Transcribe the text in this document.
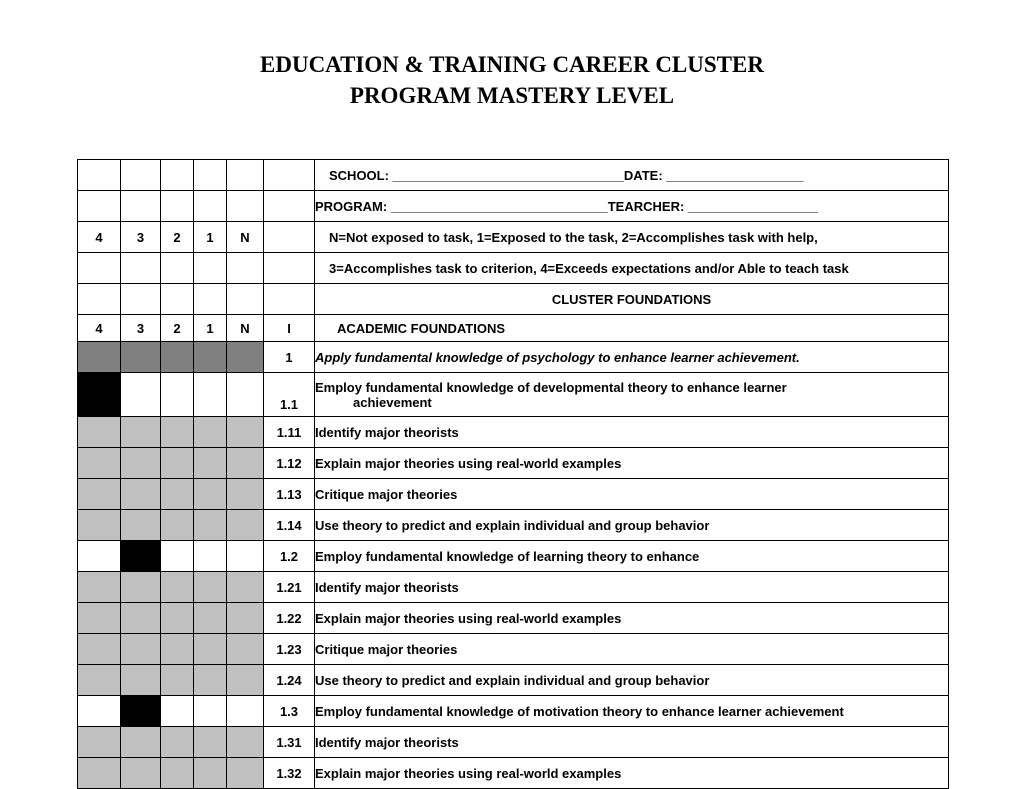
EDUCATION & TRAINING CAREER CLUSTER
PROGRAM MASTERY LEVEL
						SCHOOL: ________________________________DATE: ___________________
						PROGRAM: ______________________________TEARCHER: __________________
4	3	2	1	N		N=Not exposed to task, 1=Exposed to the task, 2=Accomplishes task with help,
						3=Accomplishes task to criterion, 4=Exceeds expectations and/or Able to teach task
						CLUSTER FOUNDATIONS
4	3	2	1	N	I	ACADEMIC FOUNDATIONS
					1	Apply fundamental knowledge of psychology to enhance learner achievement.
					1.1	Employ fundamental knowledge of developmental theory to enhance learner
achievement

					1.11	Identify major theorists
					1.12	Explain major theories using real-world examples
					1.13	Critique major theories
					1.14	Use theory to predict and explain individual and group behavior
					1.2	Employ fundamental knowledge of learning theory to enhance
					1.21	Identify major theorists
					1.22	Explain major theories using real-world examples
					1.23	Critique major theories
					1.24	Use theory to predict and explain individual and group behavior
					1.3	Employ fundamental knowledge of motivation theory to enhance learner achievement
					1.31	Identify major theorists
					1.32	Explain major theories using real-world examples
